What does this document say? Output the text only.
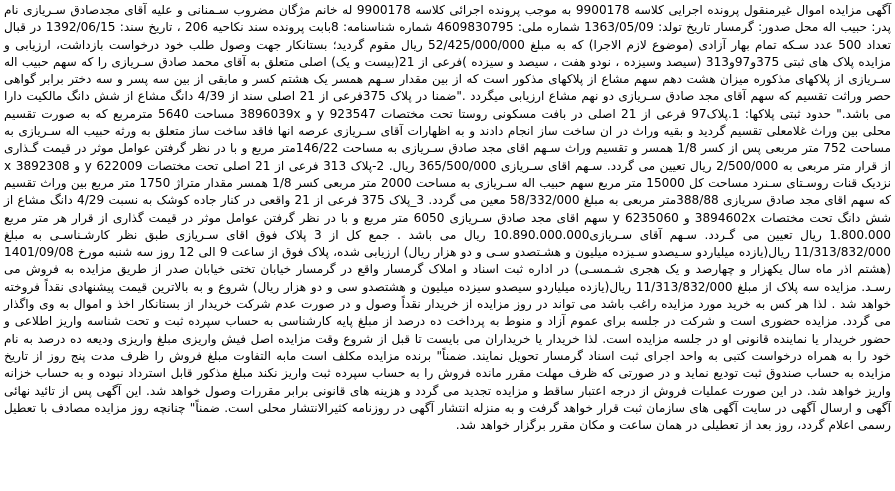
آگهی مزایده اموال غیرمنقول پرونده اجرایی کلاسه 9900178 به موجب پرونده اجرائی کلاسه 9900178 له خانم مژگان مضروب سـمنانی و علیه آقای مجدصادق سـریازی نام پدر: حبیب اله محل صدور: گرمسار تاریخ تولد: 1363/05/09 شماره ملی: 4609830795 شماره شناسنامه: 8بابت پرونده سند نکاحیه 206 ، تاریخ سند: 1392/06/15 در قبال تعداد 500 عدد سـکه تمام بهار آزادی (موضوع لازم الاجرا) که به مبلغ 52/425/000/000 ریال مقوم گردید؛ بستانکار جهت وصول طلب خود درخواست بازداشت، ارزیابی و مزایده پلاک های ثبتی 375و97و313 (سیصد وسیزده ، نودو هفت ، سیصد و سیزده )فرعی از 21(بیست و یک) اصلی متعلق به آقای محمد صادق سـریازی را که سهم حبیب اله سـریازی از پلاکهای مذکوره میزان هشت دهم سهم مشاع از پلاکهای مذکور است که از بین مقدار سـهم همسر یک هشتم کسر و مابقی از بین سه پسر و سه دختر برابر گواهی حصر وراثت تقسیم که سهم آقای مجد صادق سـریازی دو نهم مشاع ارزیابی میگردد ."ضمنا در پلاک 375فرعی از 21 اصلی سند از 4/39 دانگ مشاع از شش دانگ مالکیت دارا می باشد." حدود ثبتی پلاکها: 1.پلاک97 فرعی از 21 اصلی در بافت مسکونی روستا تحت مختصات 923547 y و 3896039x مساحت 5640 مترمربع که به صورت تقسیم محلی بین وراث غلامعلی تقسیم گردید و بقیه وراث در ان ساخت ساز انجام دادند و به اظهارات آقای سـریازی عرصه انها فاقد ساخت ساز متعلق به ورثه حبیب اله سـریازی به مساحت 752 متر مربعی پس از کسر 1/8 همسر و تقسیم وراث سـهم اقای مجد صادق سـریازی به مساحت 146/22متر مربع و با در نظر گرفتن عوامل موثر در قیمت گـذاری از قرار متر مربعی به 2/500/000 ریال تعیین می گردد. سـهم اقای سـریازی 365/500/000 ریال. 2-پلاک 313 فرعی از 21 اصلی تحت مختصات 622009 y و 3892308 x نزدیک قنات روسـتای سـنرد مساحت کل 15000 متر مربع سهم حبیب اله سـریازی به مساحت 2000 متر مربعی کسر 1/8 همسر مقدار متراژ 1750 متر مربع بین وراث تقسیم که سهم اقای مجد صادق سریازی 388/88متر مربعی به مبلغ 58/332/000 معین می گردد. 3_پلاک 375 فرعی از 21 واقعی در کنار جاده کوشک به نسبت 4/29 دانگ مشاع از شش دانگ تحت مختصات 3894602x و 6235060 y سهم اقای مجد صادق سـریازی 6050 متر مربع و با در نظر گرفتن عوامل موثر در قیمت گذاری از قرار هر متر مربع 1.800.000 ریال تعیین می گـردد. سـهم آقای سـریازی10.890.000.000 ریال می باشد . جمع کل از 3 پلاک فوق اقای سـریازی طبق نظر کارشـناسـی به مبلغ 11/313/832/000 ریال(یازده میلیاردو سـیصدو سـیزده میلیون و هشـتصدو سـی و دو هزار ریال) ارزیابی شده، پلاک فوق از ساعت 9 الی 12 روز سه شنبه مورخ 1401/09/08 (هشتم اذر ماه سال یکهزار و چهارصد و یک هجری شـمسـی) در اداره ثبت اسناد و املاک گرمسار واقع در گرمسار خیابان تختی خیابان صدر از طریق مزایده به فروش می رسـد. مزایده سه پلاک از مبلغ 11/313/832/000 ریال(یازده میلیاردو سیصدو سیزده میلیون و هشتصدو سی و دو هزار ریال) شروع و به بالاترین قیمت پیشنهادی نقداً فروخته خواهد شد . لذا هر کس به خرید مورد مزایده راغب باشد می تواند در روز مزایده از خریدار نقداً وصول و در صورت عدم شرکت خریدار از بستانکار اخذ و اموال به وی واگذار می گردد. مزایده حضوری است و شرکت در جلسه برای عموم آزاد و منوط به پرداخت ده درصد از مبلغ پایه کارشناسی به حساب سپرده ثبت و تحت شناسه واریز اطلاعی و حضور خریدار یا نماینده قانونی او در جلسه مزایده است. لذا خریدار یا خریداران می بایست تا قبل از شروع وقت مزایده اصل فیش واریزی مبلغ واریزی ودیعه ده درصد به نام خود را به همراه درخواست کتبی به واحد اجرای ثبت اسناد گرمسار تحویل نمایند. ضمناً" برنده مزایده مکلف است مابه التفاوت مبلغ فروش را ظرف مدت پنج روز از تاریخ مزایده به حساب صندوق ثبت تودیع نماید و در صورتی که ظرف مهلت مقرر مانده فروش را به حساب سپرده ثبت واریز نکند مبلغ مذکور قابل استرداد نبوده و به حساب خزانه واریز خواهد شد. در این صورت عملیات فروش از درجه اعتبار ساقط و مزایده تجدید می گردد و هزینه های قانونی برابر مقررات وصول خواهد شد. این آگهی پس از تائید نهائی آگهی و ارسال آگهی در سایت آگهی های سازمان ثبت قرار خواهد گرفت و به منزله انتشار آگهی در روزنامه کثیرالانتشار محلی است. ضمناً" چنانچه روز مزایده مصادف با تعطیل رسمی اعلام گردد، روز بعد از تعطیلی در همان ساعت و مکان مقرر برگزار خواهد شد.
